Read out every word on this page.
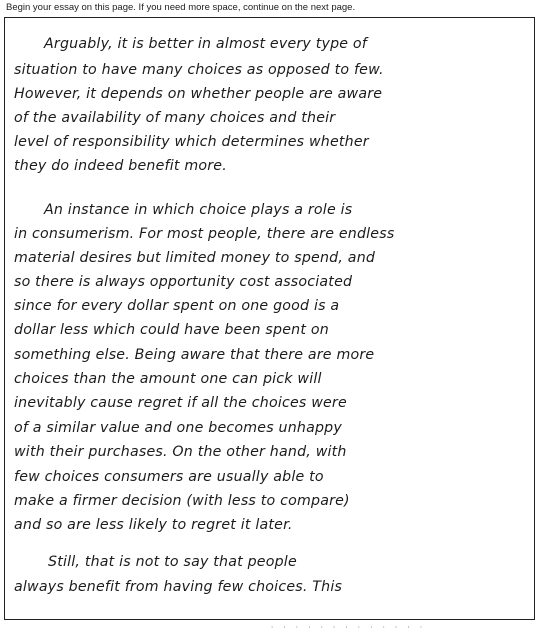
Begin your essay on this page. If you need more space, continue on the next page.
Arguably, it is better in almost every type of
situation to have many choices as opposed to few.
However, it depends on whether people are aware
of the availability of many choices and their
level of responsibility which determines whether
they do indeed benefit more.
An instance in which choice plays a role is
in consumerism. For most people, there are endless
material desires but limited money to spend, and
so there is always opportunity cost associated
since for every dollar spent on one good is a
dollar less which could have been spent on
something else. Being aware that there are more
choices than the amount one can pick will
inevitably cause regret if all the choices were
of a similar value and one becomes unhappy
with their purchases. On the other hand, with
few choices consumers are usually able to
make a firmer decision (with less to compare)
and so are less likely to regret it later.
Still, that is not to say that people
always benefit from having few choices. This
· · · · · · · · · · · · ·
